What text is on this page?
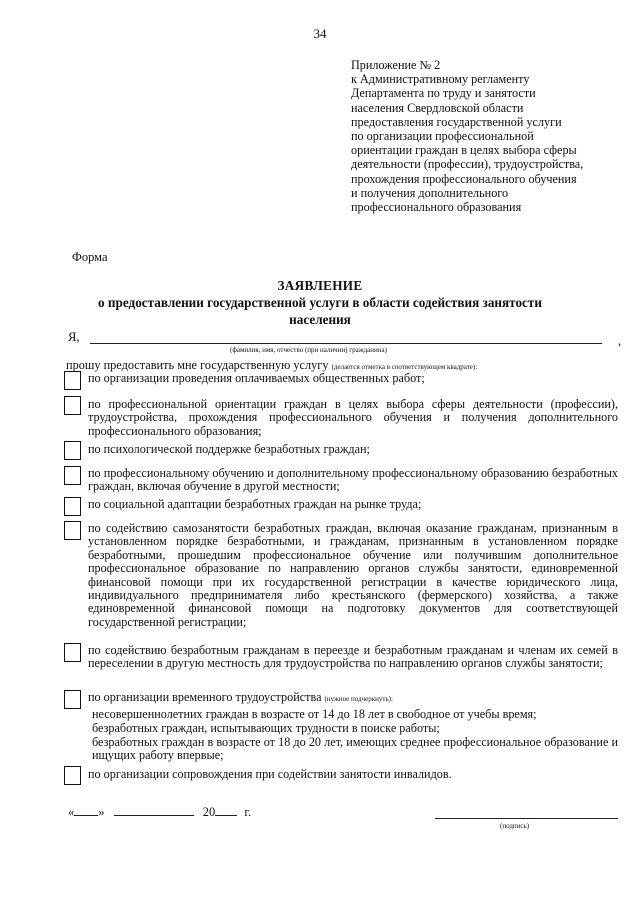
34
Приложение № 2
к Административному регламенту
Департамента по труду и занятости
населения Свердловской области
предоставления государственной услуги
по организации профессиональной
ориентации граждан в целях выбора сферы
деятельности (профессии), трудоустройства,
прохождения профессионального обучения
и получения дополнительного
профессионального образования
Форма
ЗАЯВЛЕНИЕ
о предоставлении государственной услуги в области содействия занятости
населения
Я,	,
(фамилия, имя, отчество (при наличии) гражданина)
прошу предоставить мне государственную услугу (делается отметка в соответствующем квадрате):
по организации проведения оплачиваемых общественных работ;
по профессиональной ориентации граждан в целях выбора сферы деятельности (профессии), трудоустройства, прохождения профессионального обучения и получения дополнительного профессионального образования;
по психологической поддержке безработных граждан;
по профессиональному обучению и дополнительному профессиональному образованию безработных граждан, включая обучение в другой местности;
по социальной адаптации безработных граждан на рынке труда;
по содействию самозанятости безработных граждан, включая оказание гражданам, признанным в установленном порядке безработными, и гражданам, признанным в установленном порядке безработными, прошедшим профессиональное обучение или получившим дополнительное профессиональное образование по направлению органов службы занятости, единовременной финансовой помощи при их государственной регистрации в качестве юридического лица, индивидуального предпринимателя либо крестьянского (фермерского) хозяйства, а также единовременной финансовой помощи на подготовку документов для соответствующей государственной регистрации;
по содействию безработным гражданам в переезде и безработным гражданам и членам их семей в переселении в другую местность для трудоустройства по направлению органов службы занятости;
по организации временного трудоустройства (нужное подчеркнуть):
несовершеннолетних граждан в возрасте от 14 до 18 лет в свободное от учебы время;
безработных граждан, испытывающих трудности в поиске работы;
безработных граждан в возрасте от 18 до 20 лет, имеющих среднее профессиональное образование и ищущих работу впервые;
по организации сопровождения при содействии занятости инвалидов.
« »	20 г.
(подпись)
